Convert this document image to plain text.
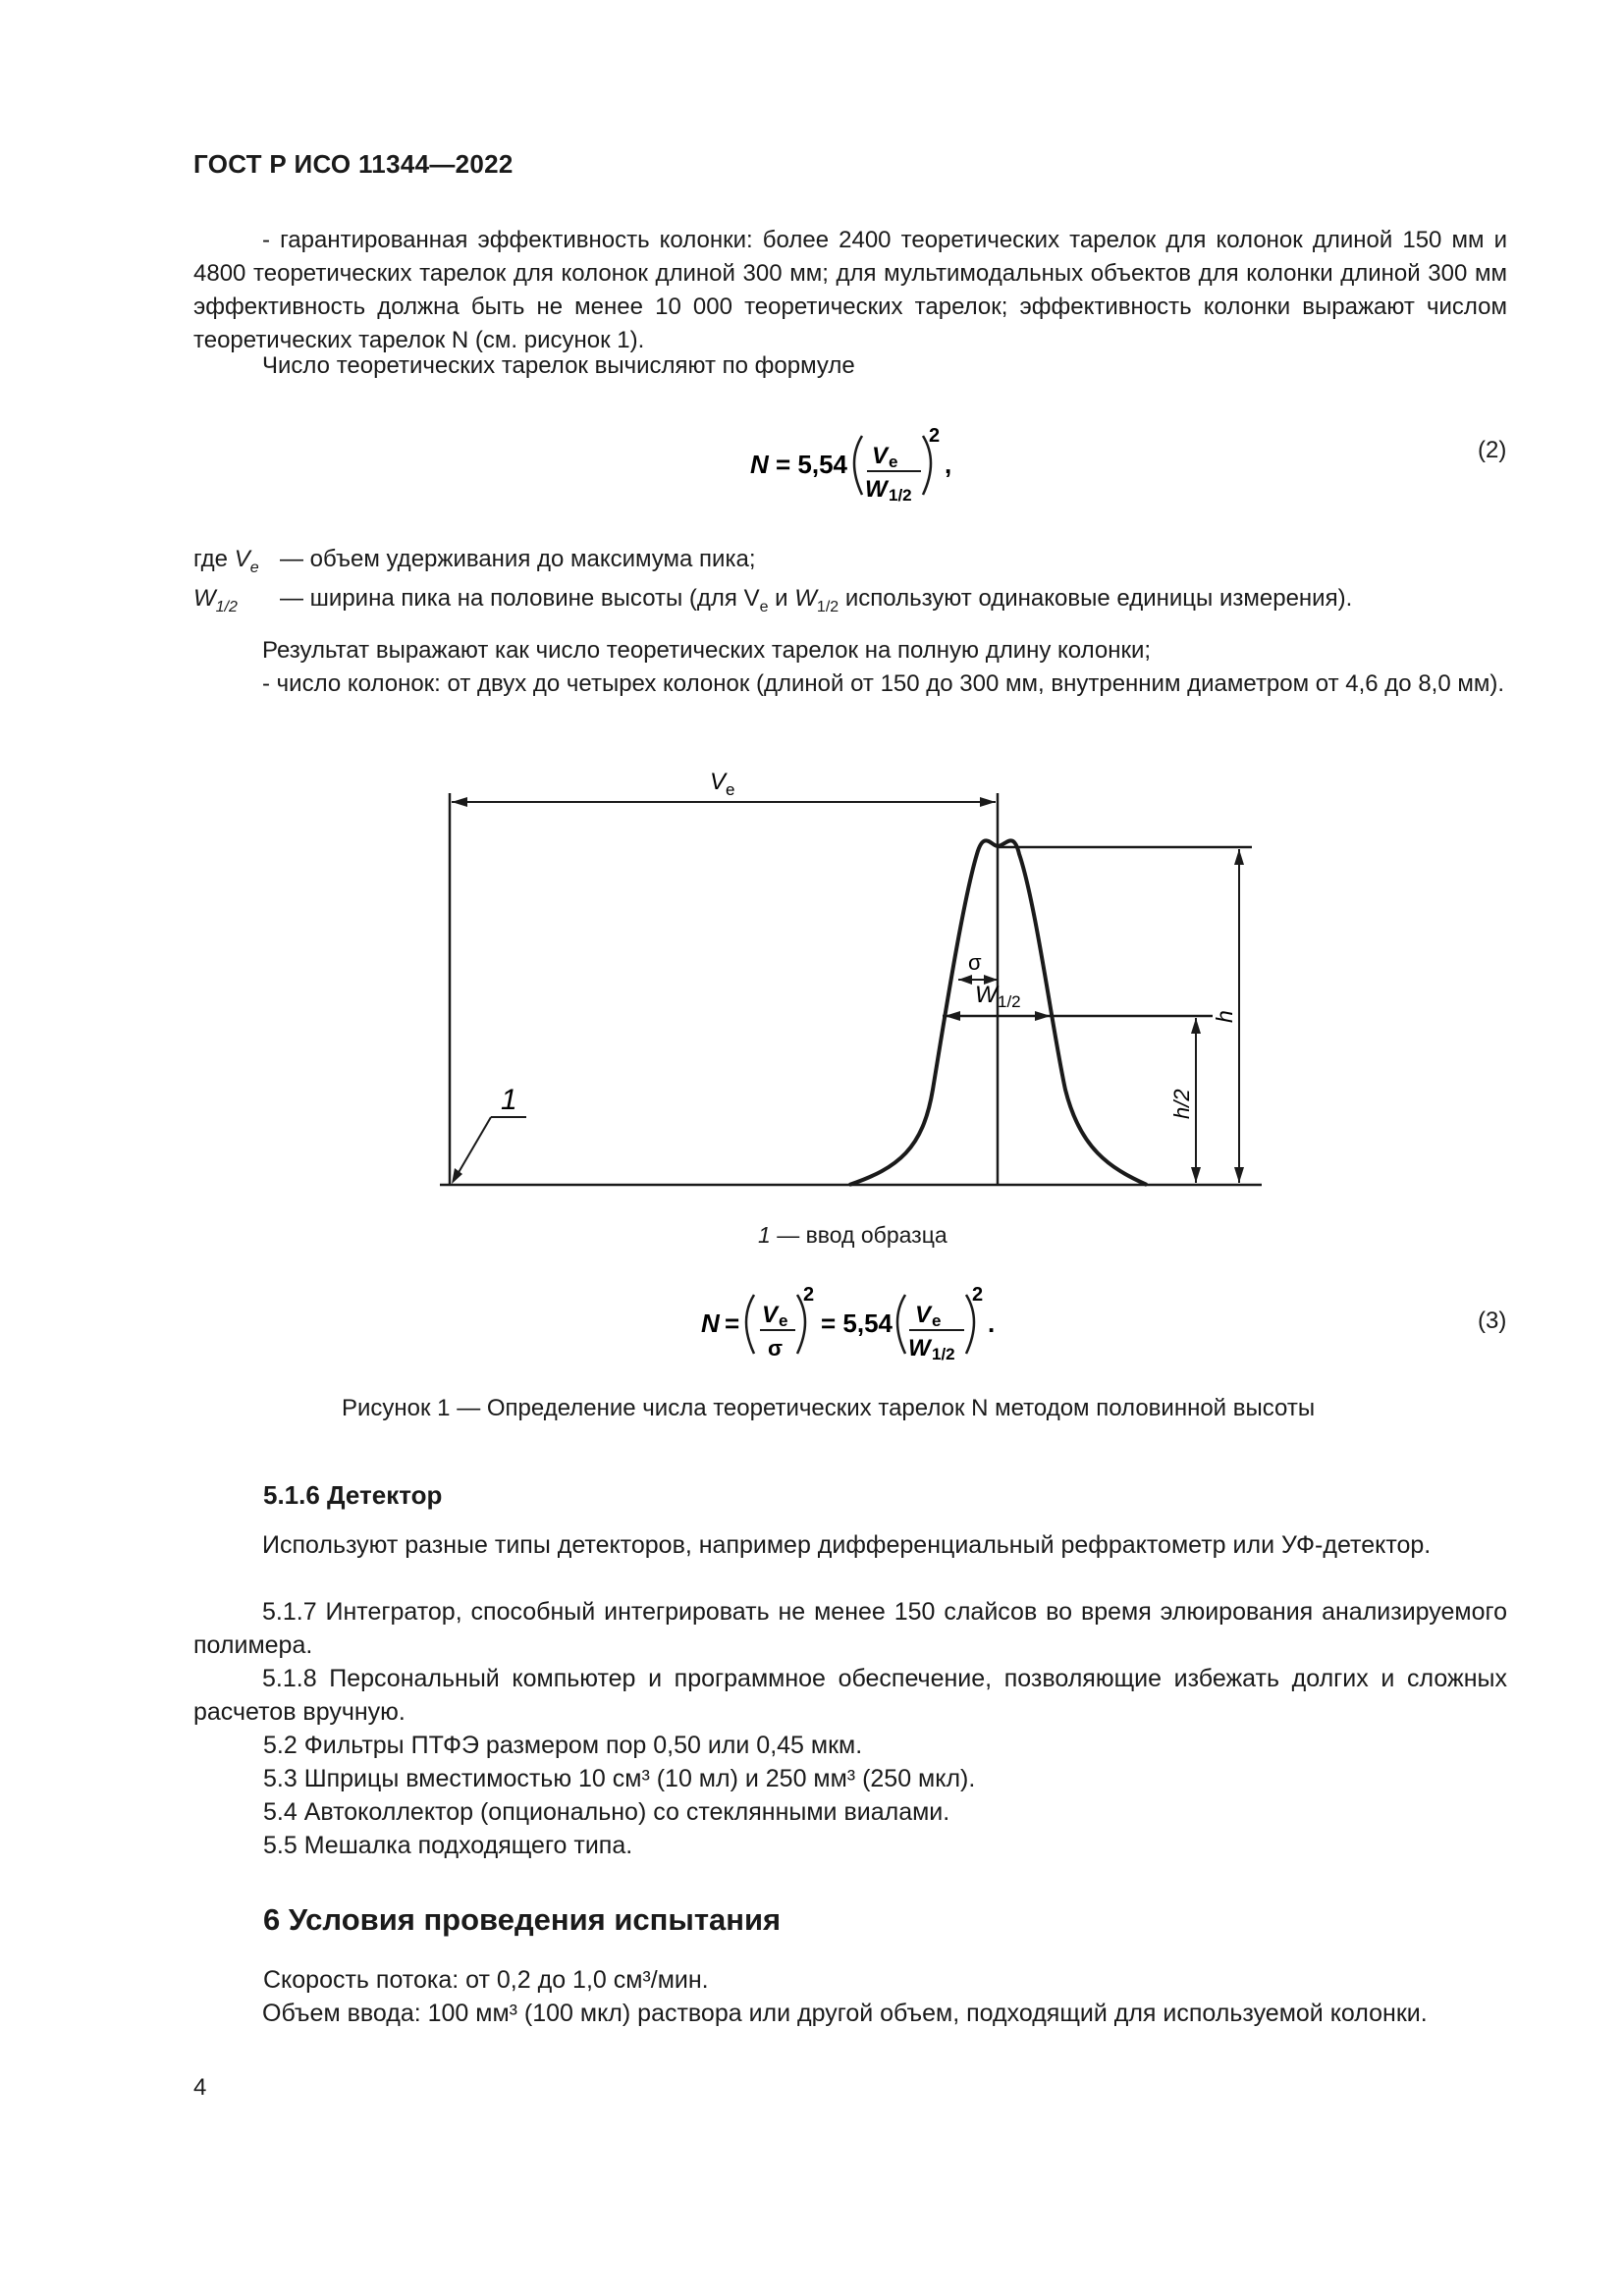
ГОСТ Р ИСО 11344—2022
- гарантированная эффективность колонки: более 2400 теоретических тарелок для колонок длиной 150 мм и 4800 теоретических тарелок для колонок длиной 300 мм; для мультимодальных объектов для колонки длиной 300 мм эффективность должна быть не менее 10 000 теоретических тарелок; эффективность колонки выражают числом теоретических тарелок N (см. рисунок 1).
Число теоретических тарелок вычисляют по формуле
N = 5,54 V e
W 1/2
2
,	(2)
где $V_e$ — объем удерживания до максимума пика;
$W_{1/2}$ — ширина пика на половине высоты (для $V_e$ и $W_{1/2}$ используют одинаковые единицы измерения).
Результат выражают как число теоретических тарелок на полную длину колонки;
- число колонок: от двух до четырех колонок (длиной от 150 до 300 мм, внутренним диаметром от 4,6 до 8,0 мм).
V e
W 1/2
σ
h
h/2
1
1 — ввод образца
N = V e
σ
2
= 5,54 V e
W 1/2
2
.	(3)
Рисунок 1 — Определение числа теоретических тарелок N методом половинной высоты
5.1.6 Детектор
Используют разные типы детекторов, например дифференциальный рефрактометр или УФ-детектор.
5.1.7 Интегратор, способный интегрировать не менее 150 слайсов во время элюирования анализируемого полимера.
5.1.8 Персональный компьютер и программное обеспечение, позволяющие избежать долгих и сложных расчетов вручную.
5.2 Фильтры ПТФЭ размером пор 0,50 или 0,45 мкм.
5.3 Шприцы вместимостью 10 см³ (10 мл) и 250 мм³ (250 мкл).
5.4 Автоколлектор (опционально) со стеклянными виалами.
5.5 Мешалка подходящего типа.
6 Условия проведения испытания
Скорость потока: от 0,2 до 1,0 см³/мин.
Объем ввода: 100 мм³ (100 мкл) раствора или другой объем, подходящий для используемой колонки.
4
